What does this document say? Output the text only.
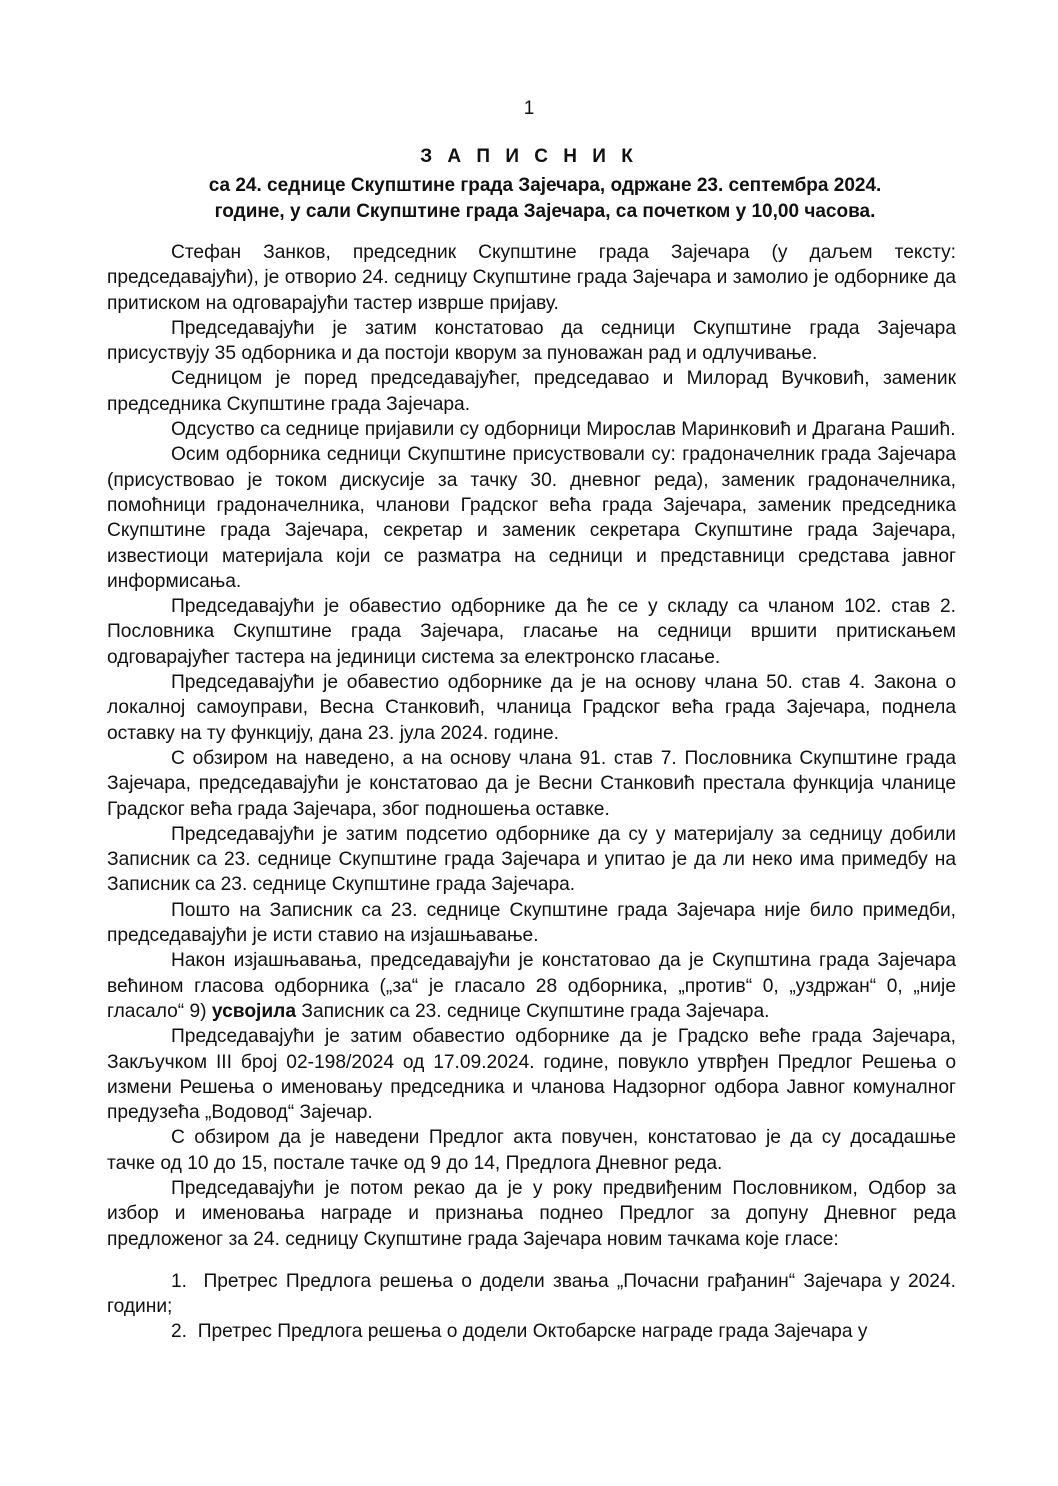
1
З А П И С Н И К
са 24. седнице Скупштине града Зајечара, одржане 23. септембра 2024.
године, у сали Скупштине града Зајечара, са почетком у 10,00 часова.

Стефан Занков, председник Скупштине града Зајечара (у даљем тексту: председавајући), је отворио 24. седницу Скупштине града Зајечара и замолио је одборнике да притиском на одговарајући тастер изврше пријаву.

Председавајући је затим констатовао да седници Скупштине града Зајечара присуствују 35 одборника и да постоји кворум за пуноважан рад и одлучивање.

Седницом је поред председавајућег, председавао и Милорад Вучковић, заменик председника Скупштине града Зајечара.

Одсуство са седнице пријавили су одборници Мирослав Маринковић и Драгана Рашић.

Осим одборника седници Скупштине присуствовали су: градоначелник града Зајечара (присуствовао је током дискусије за тачку 30. дневног реда), заменик градоначелника, помоћници градоначелника, чланови Градског већа града Зајечара, заменик председника Скупштине града Зајечара, секретар и заменик секретара Скупштине града Зајечара, известиоци материјала који се разматра на седници и представници средстава јавног информисања.

Председавајући је обавестио одборнике да ће се у складу са чланом 102. став 2. Пословника Скупштине града Зајечара, гласање на седници вршити притискањем одговарајућег тастера на јединици система за електронско гласање.

Председавајући је обавестио одборнике да је на основу члана 50. став 4. Закона о локалној самоуправи, Весна Станковић, чланица Градског већа града Зајечара, поднела оставку на ту функцију, дана 23. јула 2024. године.

С обзиром на наведено, а на основу члана 91. став 7. Пословника Скупштине града Зајечара, председавајући је констатовао да је Весни Станковић престала функција чланице Градског већа града Зајечара, због подношења оставке.

Председавајући је затим подсетио одборнике да су у материјалу за седницу добили Записник са 23. седнице Скупштине града Зајечара и упитао је да ли неко има примедбу на Записник са 23. седнице Скупштине града Зајечара.

Пошто на Записник са 23. седнице Скупштине града Зајечара није било примедби, председавајући је исти ставио на изјашњавање.

Након изјашњавања, председавајући је констатовао да је Скупштина града Зајечара већином гласова одборника („за“ је гласало 28 одборника, „против“ 0, „уздржан“ 0, „није гласало“ 9) усвојила Записник са 23. седнице Скупштине града Зајечара.

Председавајући је затим обавестио одборнике да је Градско веће града Зајечара, Закључком III број 02-198/2024 од 17.09.2024. године, повукло утврђен Предлог Решења о измени Решења о именовању председника и чланова Надзорног одбора Јавног комуналног предузећа „Водовод“ Зајечар.

С обзиром да је наведени Предлог акта повучен, констатовао је да су досадашње тачке од 10 до 15, постале тачке од 9 до 14, Предлога Дневног реда.

Председавајући је потом рекао да је у року предвиђеним Пословником, Одбор за избор и именовања награде и признања поднео Предлог за допуну Дневног реда предложеног за 24. седницу Скупштине града Зајечара новим тачкама које гласе:

1. Претрес Предлога решења о додели звања „Почасни грађанин“ Зајечара у 2024. години;
2. Претрес Предлога решења о додели Октобарске награде града Зајечара у
